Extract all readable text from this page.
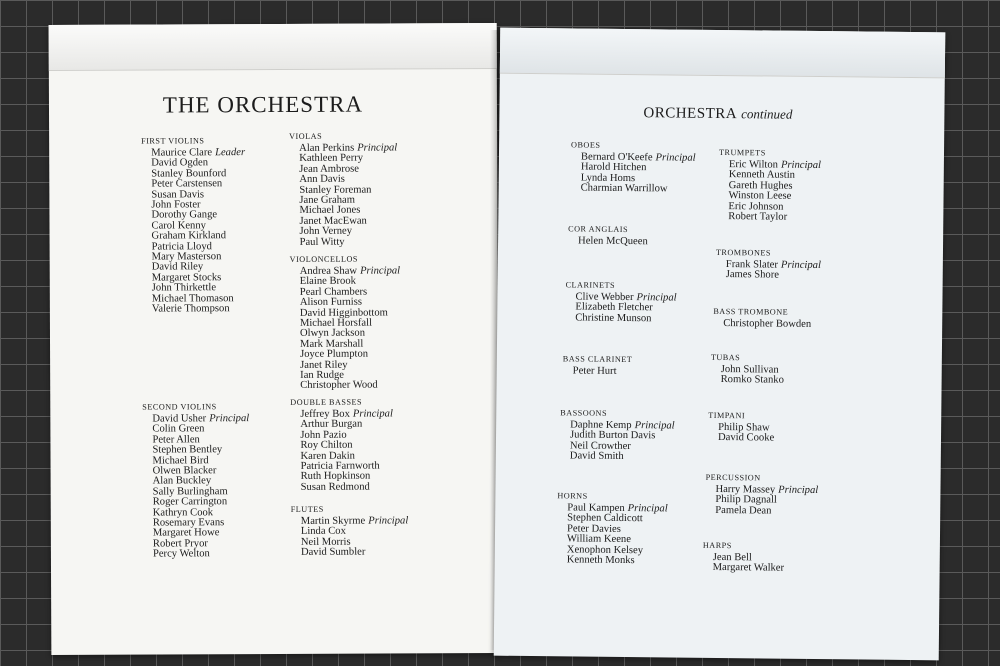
THE ORCHESTRA
FIRST VIOLINS
Maurice Clare Leader
David Ogden
Stanley Bounford
Peter Carstensen
Susan Davis
John Foster
Dorothy Gange
Carol Kenny
Graham Kirkland
Patricia Lloyd
Mary Masterson
David Riley
Margaret Stocks
John Thirkettle
Michael Thomason
Valerie Thompson
SECOND VIOLINS
David Usher Principal
Colin Green
Peter Allen
Stephen Bentley
Michael Bird
Olwen Blacker
Alan Buckley
Sally Burlingham
Roger Carrington
Kathryn Cook
Rosemary Evans
Margaret Howe
Robert Pryor
Percy Welton
VIOLAS
Alan Perkins Principal
Kathleen Perry
Jean Ambrose
Ann Davis
Stanley Foreman
Jane Graham
Michael Jones
Janet MacEwan
John Verney
Paul Witty
VIOLONCELLOS
Andrea Shaw Principal
Elaine Brook
Pearl Chambers
Alison Furniss
David Higginbottom
Michael Horsfall
Olwyn Jackson
Mark Marshall
Joyce Plumpton
Janet Riley
Ian Rudge
Christopher Wood
DOUBLE BASSES
Jeffrey Box Principal
Arthur Burgan
John Pazio
Roy Chilton
Karen Dakin
Patricia Farnworth
Ruth Hopkinson
Susan Redmond
FLUTES
Martin Skyrme Principal
Linda Cox
Neil Morris
David Sumbler
ORCHESTRA continued
OBOES
Bernard O'Keefe Principal
Harold Hitchen
Lynda Homs
Charmian Warrillow
COR ANGLAIS
Helen McQueen
CLARINETS
Clive Webber Principal
Elizabeth Fletcher
Christine Munson
BASS CLARINET
Peter Hurt
BASSOONS
Daphne Kemp Principal
Judith Burton Davis
Neil Crowther
David Smith
HORNS
Paul Kampen Principal
Stephen Caldicott
Peter Davies
William Keene
Xenophon Kelsey
Kenneth Monks
TRUMPETS
Eric Wilton Principal
Kenneth Austin
Gareth Hughes
Winston Leese
Eric Johnson
Robert Taylor
TROMBONES
Frank Slater Principal
James Shore
BASS TROMBONE
Christopher Bowden
TUBAS
John Sullivan
Romko Stanko
TIMPANI
Philip Shaw
David Cooke
PERCUSSION
Harry Massey Principal
Philip Dagnall
Pamela Dean
HARPS
Jean Bell
Margaret Walker
